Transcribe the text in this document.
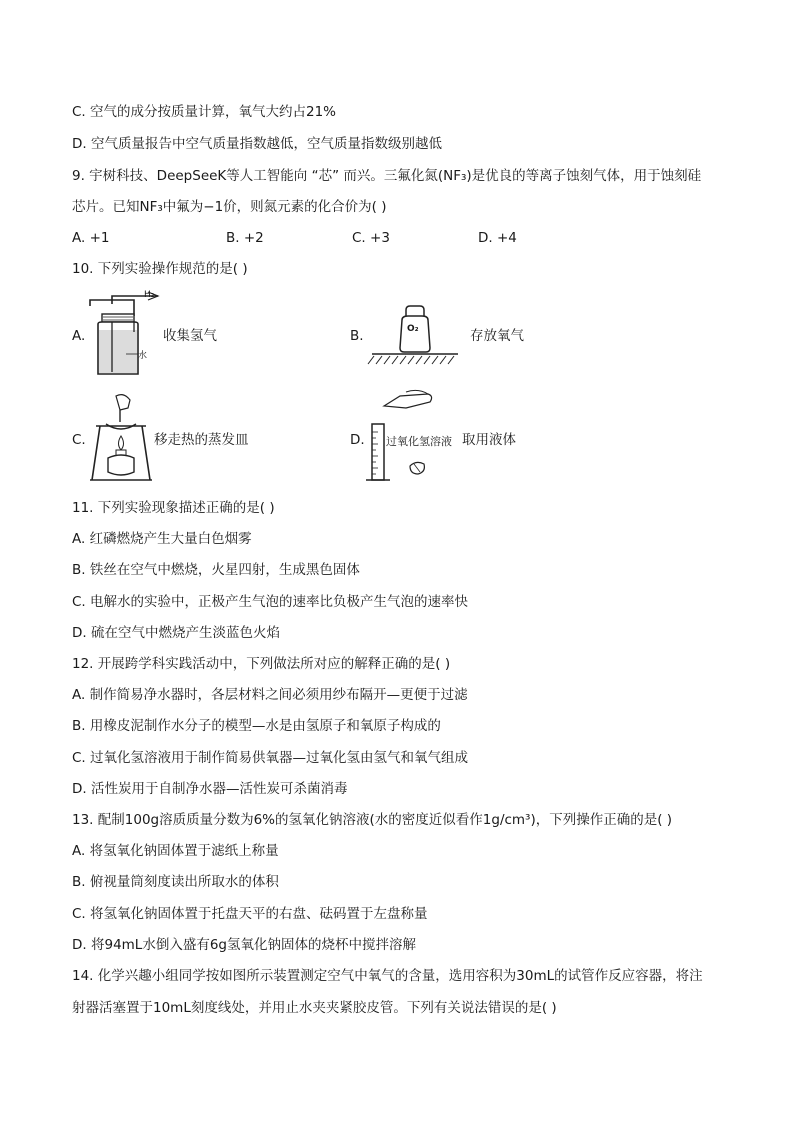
C. 空气的成分按质量计算，氧气大约占21%
D. 空气质量报告中空气质量指数越低，空气质量指数级别越低
9. 宇树科技、DeepSeeK等人工智能向 “芯” 而兴。三氟化氮(NF₃)是优良的等离子蚀刻气体，用于蚀刻硅
芯片。已知NF₃中氟为−1价，则氮元素的化合价为( )
A. +1	B. +2	C. +3	D. +4
10. 下列实验操作规范的是( )
A.
H₂
水
收集氢气	B.	O₂	存放氧气
C.	移走热的蒸发皿	D. 过氧化氢溶液 取用液体
11. 下列实验现象描述正确的是( )
A. 红磷燃烧产生大量白色烟雾
B. 铁丝在空气中燃烧，火星四射，生成黑色固体
C. 电解水的实验中，正极产生气泡的速率比负极产生气泡的速率快
D. 硫在空气中燃烧产生淡蓝色火焰
12. 开展跨学科实践活动中，下列做法所对应的解释正确的是( )
A. 制作简易净水器时，各层材料之间必须用纱布隔开—更便于过滤
B. 用橡皮泥制作水分子的模型—水是由氢原子和氧原子构成的
C. 过氧化氢溶液用于制作简易供氧器—过氧化氢由氢气和氧气组成
D. 活性炭用于自制净水器—活性炭可杀菌消毒
13. 配制100g溶质质量分数为6%的氢氧化钠溶液(水的密度近似看作1g/cm³)，下列操作正确的是( )
A. 将氢氧化钠固体置于滤纸上称量
B. 俯视量筒刻度读出所取水的体积
C. 将氢氧化钠固体置于托盘天平的右盘、砝码置于左盘称量
D. 将94mL水倒入盛有6g氢氧化钠固体的烧杯中搅拌溶解
14. 化学兴趣小组同学按如图所示装置测定空气中氧气的含量，选用容积为30mL的试管作反应容器，将注
射器活塞置于10mL刻度线处，并用止水夹夹紧胶皮管。下列有关说法错误的是( )
